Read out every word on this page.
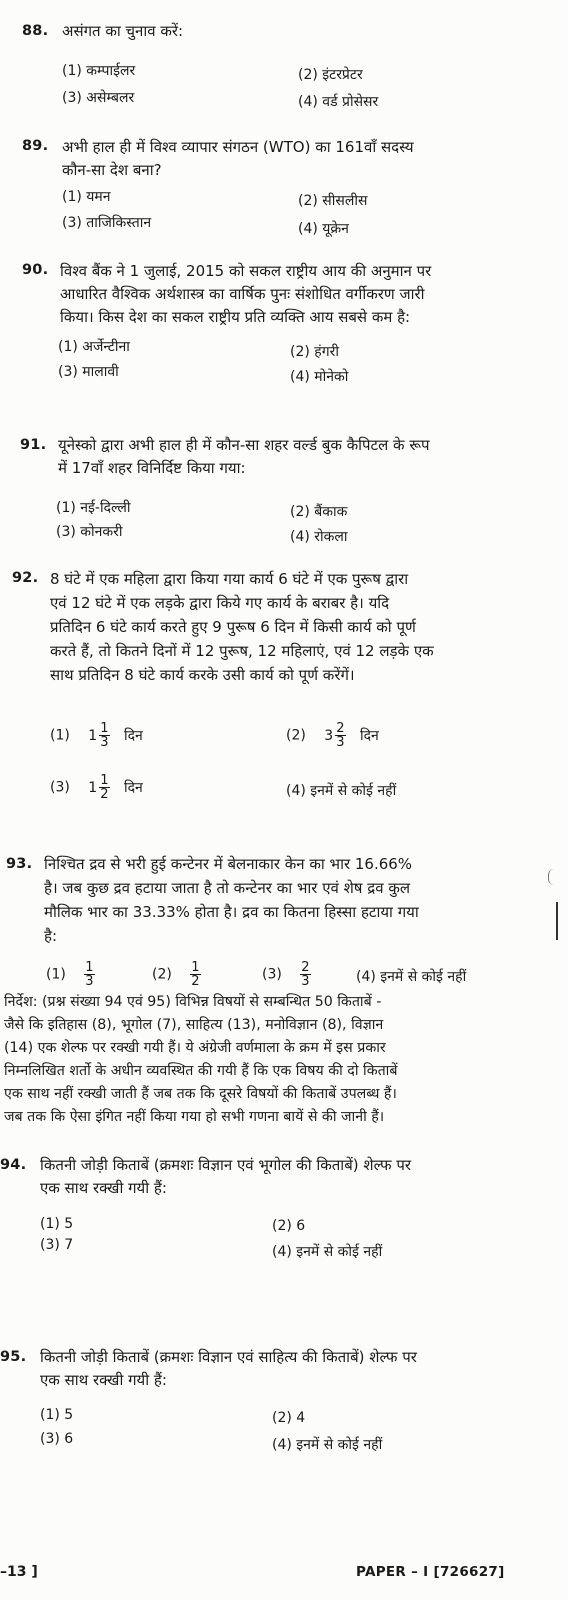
88. असंगत का चुनाव करें:
(1) कम्पाईलर	(2) इंटरप्रेटर
(3) असेम्बलर	(4) वर्ड प्रोसेसर
89. अभी हाल ही में विश्व व्यापार संगठन (WTO) का 161वाँ सदस्य
कौन-सा देश बना?
(1) यमन	(2) सीसलीस
(3) ताजिकिस्तान	(4) यूक्रेन
90. विश्व बैंक ने 1 जुलाई, 2015 को सकल राष्ट्रीय आय की अनुमान पर
आधारित वैश्विक अर्थशास्त्र का वार्षिक पुनः संशोधित वर्गीकरण जारी
किया। किस देश का सकल राष्ट्रीय प्रति व्यक्ति आय सबसे कम है:
(1) अर्जेन्टीना	(2) हंगरी
(3) मालावी	(4) मोनेको
91. यूनेस्को द्वारा अभी हाल ही में कौन-सा शहर वर्ल्ड बुक कैपिटल के रूप
में 17वाँ शहर विनिर्दिष्ट किया गया:
(1) नई-दिल्ली	(2) बैंकाक
(3) कोनकरी	(4) रोकला
92. 8 घंटे में एक महिला द्वारा किया गया कार्य 6 घंटे में एक पुरूष द्वारा
एवं 12 घंटे में एक लड़के द्वारा किये गए कार्य के बराबर है। यदि
प्रतिदिन 6 घंटे कार्य करते हुए 9 पुरूष 6 दिन में किसी कार्य को पूर्ण
करते हैं, तो कितने दिनों में 12 पुरूष, 12 महिलाएं, एवं 12 लड़के एक
साथ प्रतिदिन 8 घंटे कार्य करके उसी कार्य को पूर्ण करेंगें।
(1) $1 \frac{1}{3}$ दिन	(2) $3 \frac{2}{3}$ दिन
(3) $1 \frac{1}{2}$ दिन	(4) इनमें से कोई नहीं
93. निश्चित द्रव से भरी हुई कन्टेनर में बेलनाकार केन का भार 16.66%
है। जब कुछ द्रव हटाया जाता है तो कन्टेनर का भार एवं शेष द्रव कुल
मौलिक भार का 33.33% होता है। द्रव का कितना हिस्सा हटाया गया
है:
$(1) \frac{1}{3}$	$(2) \frac{1}{2}$	$(3) \frac{2}{3}$	(4) इनमें से कोई नहीं
निर्देश: (प्रश्न संख्या 94 एवं 95) विभिन्न विषयों से सम्बन्धित 50 किताबें -
जैसे कि इतिहास (8), भूगोल (7), साहित्य (13), मनोविज्ञान (8), विज्ञान
(14) एक शेल्फ पर रक्खी गयी हैं। ये अंग्रेजी वर्णमाला के क्रम में इस प्रकार
निम्नलिखित शर्तो के अधीन व्यवस्थित की गयी हैं कि एक विषय की दो किताबें
एक साथ नहीं रक्खी जाती हैं जब तक कि दूसरे विषयों की किताबें उपलब्ध हैं।
जब तक कि ऐसा इंगित नहीं किया गया हो सभी गणना बायें से की जानी हैं।
94. कितनी जोड़ी किताबें (क्रमशः विज्ञान एवं भूगोल की किताबें) शेल्फ पर
एक साथ रक्खी गयी हैं:
(1) 5	(2) 6
(3) 7	(4) इनमें से कोई नहीं
95. कितनी जोड़ी किताबें (क्रमशः विज्ञान एवं साहित्य की किताबें) शेल्फ पर
एक साथ रक्खी गयी हैं:
(1) 5	(2) 4
(3) 6	(4) इनमें से कोई नहीं
–13 ]	PAPER – I [726627]
